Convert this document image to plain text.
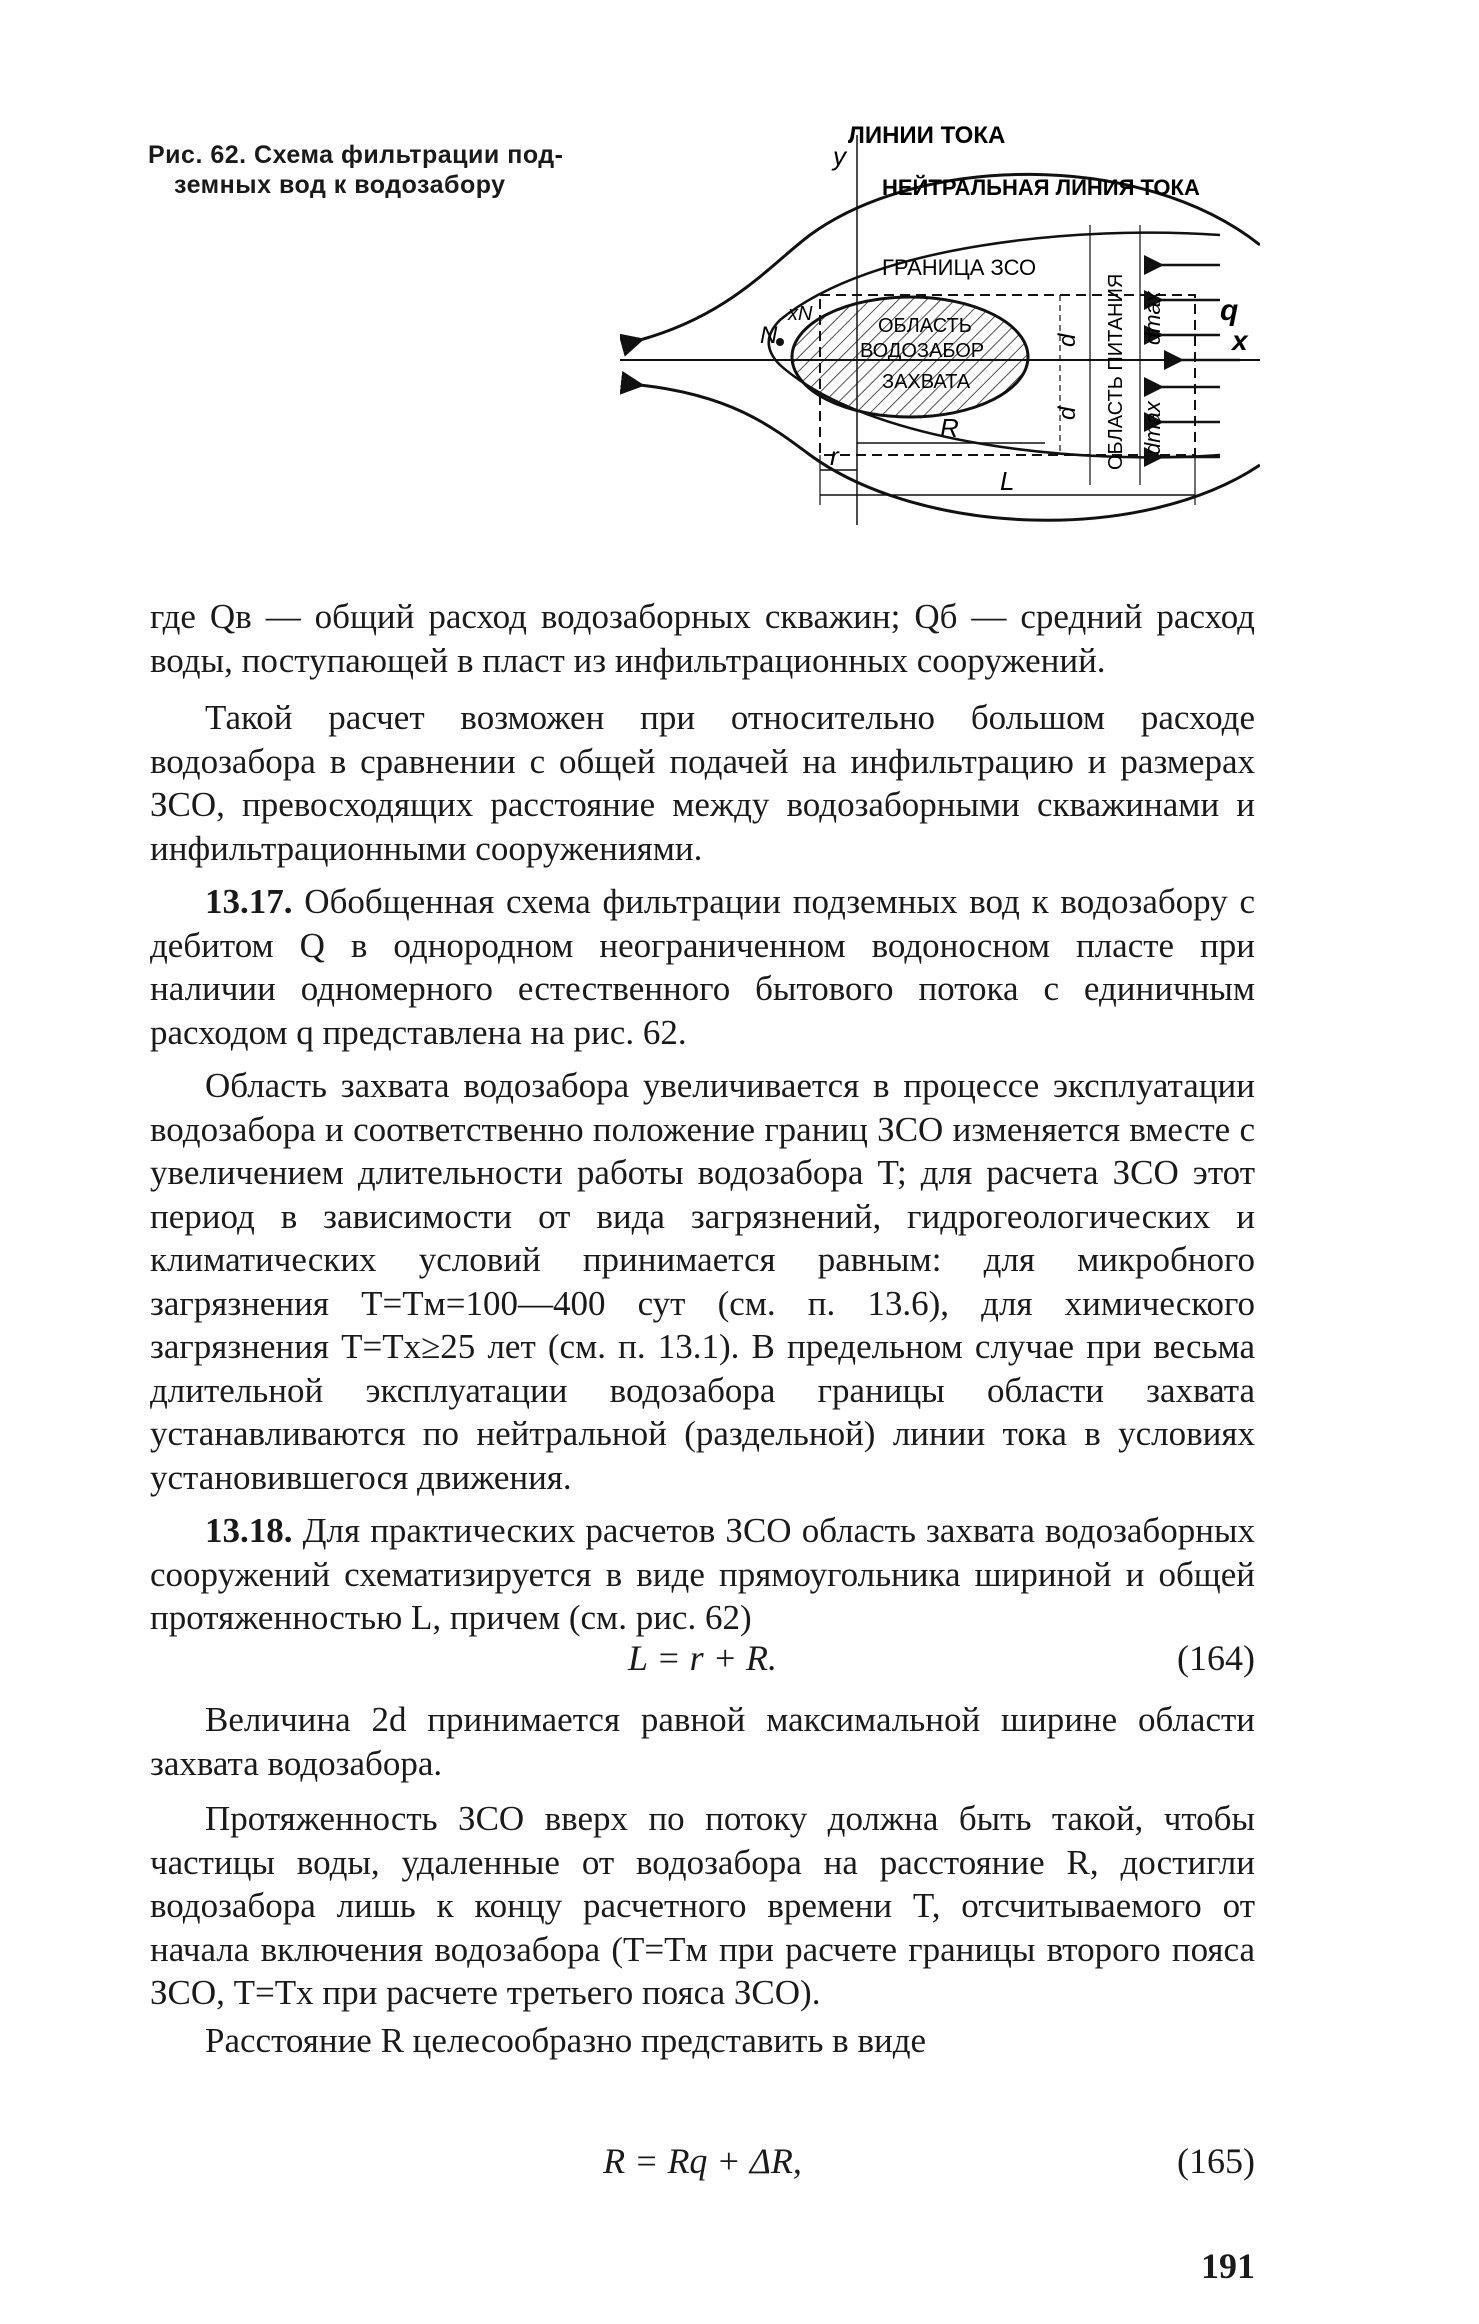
Рис. 62. Схема фильтрации под-
земных вод к водозабору
ЛИНИИ ТОКА
НЕЙТРАЛЬНАЯ ЛИНИЯ ТОКА
ГРАНИЦА ЗСО
ОБЛАСТЬ
ВОДОЗАБОР
ЗАХВАТА	ОБЛАСТЬ ПИТАНИЯ
y
x
N
xN	q
d
d
dmax
dmax
R
r
L

где Qв — общий расход водозаборных скважин; Qб — средний расход воды, поступающей в пласт из инфильтрационных сооружений.

Такой расчет возможен при относительно большом расходе водозабора в сравнении с общей подачей на инфильтрацию и размерах ЗСО, превосходящих расстояние между водозаборными скважинами и инфильтрационными сооружениями.

13.17. Обобщенная схема фильтрации подземных вод к водозабору с дебитом Q в однородном неограниченном водоносном пласте при наличии одномерного естественного бытового потока с единичным расходом q представлена на рис. 62.

Область захвата водозабора увеличивается в процессе эксплуатации водозабора и соответственно положение границ ЗСО изменяется вместе с увеличением длительности работы водозабора T; для расчета ЗСО этот период в зависимости от вида загрязнений, гидрогеологических и климатических условий принимается равным: для микробного загрязнения T=Tм=100—400 сут (см. п. 13.6), для химического загрязнения T=Tx≥25 лет (см. п. 13.1). В предельном случае при весьма длительной эксплуатации водозабора границы области захвата устанавливаются по нейтральной (раздельной) линии тока в условиях установившегося движения.

13.18. Для практических расчетов ЗСО область захвата водозаборных сооружений схематизируется в виде прямоугольника шириной и общей протяженностью L, причем (см. рис. 62)

L = r + R.	(164)

Величина 2d принимается равной максимальной ширине области захвата водозабора.

Протяженность ЗСО вверх по потоку должна быть такой, чтобы частицы воды, удаленные от водозабора на расстояние R, достигли водозабора лишь к концу расчетного времени T, отсчитываемого от начала включения водозабора (T=Tм при расчете границы второго пояса ЗСО, T=Tx при расчете третьего пояса ЗСО).

Расстояние R целесообразно представить в виде

R = Rq + ΔR,	(165)
191
